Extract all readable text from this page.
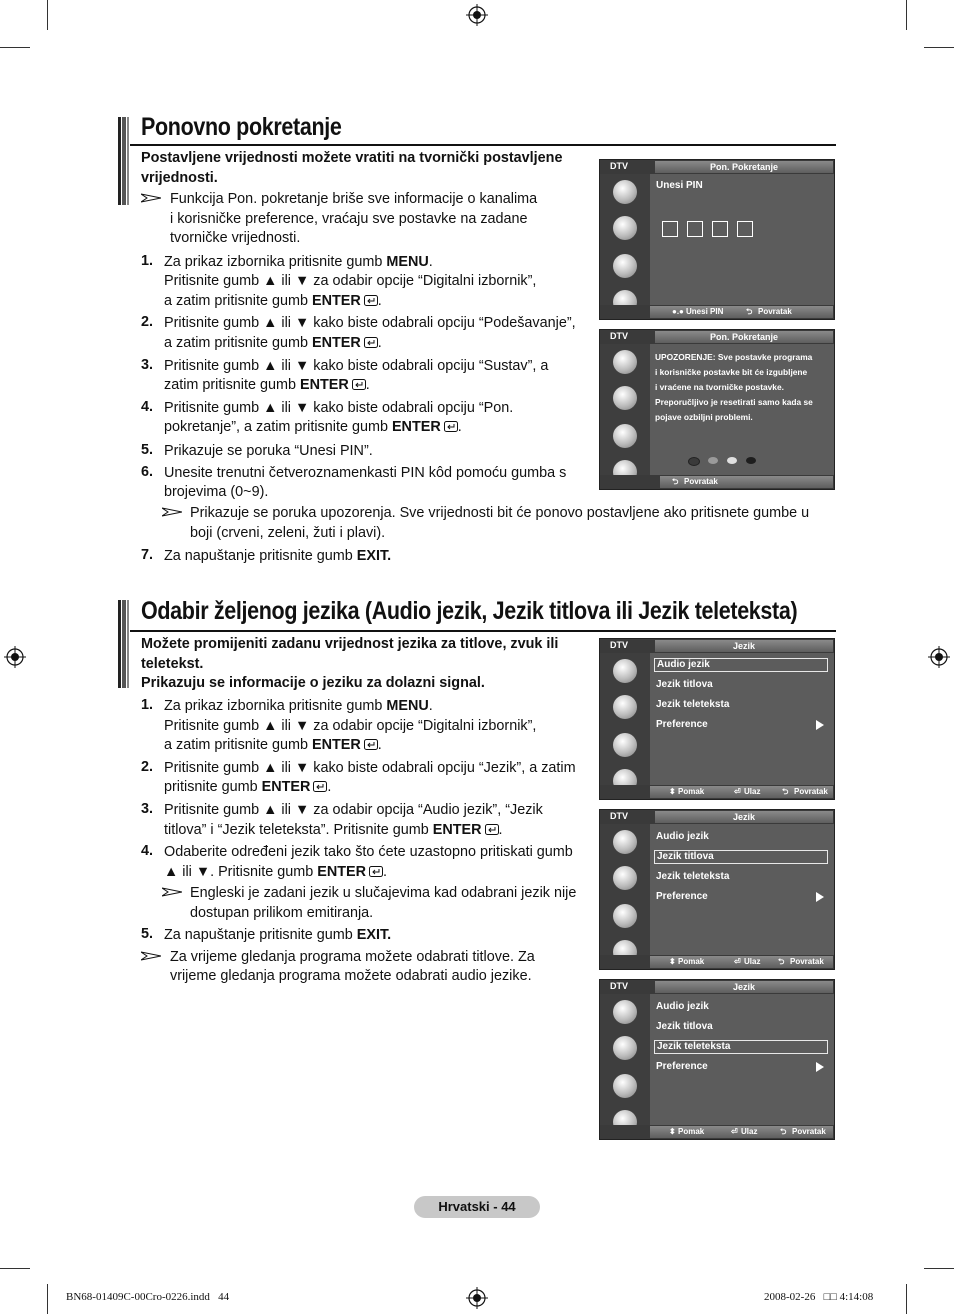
Ponovno pokretanje
Postavljene vrijednosti možete vratiti na tvornički postavljene vrijednosti.
Funkcija Pon. pokretanje briše sve informacije o kanalima
i korisničke preference, vraćaju sve postavke na zadane
tvorničke vrijednosti.
1. Za prikaz izbornika pritisnite gumb MENU.
Pritisnite gumb ▲ ili ▼ za odabir opcije “Digitalni izbornik”,
a zatim pritisnite gumb ENTER .
2. Pritisnite gumb ▲ ili ▼ kako biste odabrali opciju “Podešavanje”,
a zatim pritisnite gumb ENTER .
3. Pritisnite gumb ▲ ili ▼ kako biste odabrali opciju “Sustav”, a
zatim pritisnite gumb ENTER .
4. Pritisnite gumb ▲ ili ▼ kako biste odabrali opciju “Pon.
pokretanje”, a zatim pritisnite gumb ENTER .
5. Prikazuje se poruka “Unesi PIN”.
6. Unesite trenutni četveroznamenkasti PIN kôd pomoću gumba s
brojevima (0~9).
Prikazuje se poruka upozorenja. Sve vrijednosti bit će ponovo postavljene ako pritisnete gumbe u
boji (crveni, zeleni, žuti i plavi).
7. Za napuštanje pritisnite gumb EXIT.
DTV	Pon. Pokretanje
Unesi PIN
●.● Unesi PIN	⮌ Povratak
DTV	Pon. Pokretanje
UPOZORENJE: Sve postavke programa
i korisničke postavke bit će izgubljene
i vraćene na tvorničke postavke.
Preporučljivo je resetirati samo kada se
pojave ozbiljni problemi.
⮌ Povratak
Odabir željenog jezika (Audio jezik, Jezik titlova ili Jezik teleteksta)
Možete promijeniti zadanu vrijednost jezika za titlove, zvuk ili
teletekst.
Prikazuju se informacije o jeziku za dolazni signal.
1. Za prikaz izbornika pritisnite gumb MENU.
Pritisnite gumb ▲ ili ▼ za odabir opcije “Digitalni izbornik”,
a zatim pritisnite gumb ENTER .
2. Pritisnite gumb ▲ ili ▼ kako biste odabrali opciju “Jezik”, a zatim
pritisnite gumb ENTER .
3. Pritisnite gumb ▲ ili ▼ za odabir opcija “Audio jezik”, “Jezik
titlova” i “Jezik teleteksta”. Pritisnite gumb ENTER .
4. Odaberite određeni jezik tako što ćete uzastopno pritiskati gumb
▲ ili ▼. Pritisnite gumb ENTER .
Engleski je zadani jezik u slučajevima kad odabrani jezik nije
dostupan prilikom emitiranja.
5. Za napuštanje pritisnite gumb EXIT.
Za vrijeme gledanja programa možete odabrati titlove. Za
vrijeme gledanja programa možete odabrati audio jezike.
DTV	Jezik
Audio jezik
Jezik titlova
Jezik teleteksta
Preference
⬍ Pomak	⏎ Ulaz	⮌ Povratak
DTV	Jezik
Audio jezik
Jezik titlova
Jezik teleteksta
Preference
⬍ Pomak	⏎ Ulaz ⮌ Povratak
DTV	Jezik
Audio jezik
Jezik titlova
Jezik teleteksta
Preference
⬍ Pomak	⏎ Ulaz	⮌ Povratak
Hrvatski - 44
BN68-01409C-00Cro-0226.indd   44	2008-02-26   □□ 4:14:08
